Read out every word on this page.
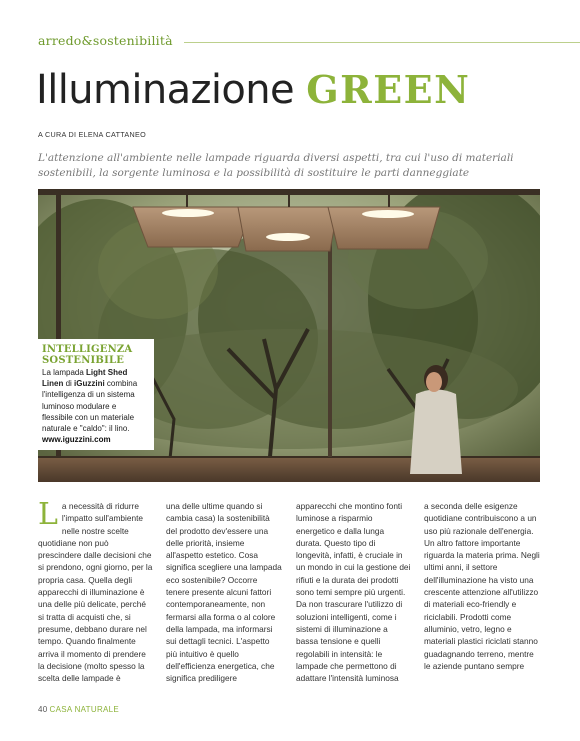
arredo&sostenibilità
Illuminazione GREEN
A CURA DI ELENA CATTANEO
L'attenzione all'ambiente nelle lampade riguarda diversi aspetti, tra cui l'uso di materiali sostenibili, la sorgente luminosa e la possibilità di sostituire le parti danneggiate
INTELLIGENZA
SOSTENIBILE
La lampada Light Shed Linen di iGuzzini combina l'intelligenza di un sistema luminoso modulare e flessibile con un materiale naturale e "caldo": il lino.
www.iguzzini.com
L a necessità di ridurre l'impatto sull'ambiente nelle nostre scelte quotidiane non può prescindere dalle decisioni che si prendono, ogni giorno, per la propria casa. Quella degli apparecchi di illuminazione è una delle più delicate, perché si tratta di acquisti che, si presume, debbano durare nel tempo. Quando finalmente arriva il momento di prendere la decisione (molto spesso la scelta delle lampade è

una delle ultime quando si cambia casa) la sostenibilità del prodotto dev'essere una delle priorità, insieme all'aspetto estetico. Cosa significa scegliere una lampada eco sostenibile? Occorre tenere presente alcuni fattori contemporaneamente, non fermarsi alla forma o al colore della lampada, ma informarsi sui dettagli tecnici. L'aspetto più intuitivo è quello dell'efficienza energetica, che significa prediligere

apparecchi che montino fonti luminose a risparmio energetico e dalla lunga durata. Questo tipo di longevità, infatti, è cruciale in un mondo in cui la gestione dei rifiuti e la durata dei prodotti sono temi sempre più urgenti. Da non trascurare l'utilizzo di soluzioni intelligenti, come i sistemi di illuminazione a bassa tensione e quelli regolabili in intensità: le lampade che permettono di adattare l'intensità luminosa

a seconda delle esigenze quotidiane contribuiscono a un uso più razionale dell'energia.

Un altro fattore importante riguarda la materia prima. Negli ultimi anni, il settore dell'illuminazione ha visto una crescente attenzione all'utilizzo di materiali eco-friendly e riciclabili. Prodotti come alluminio, vetro, legno e materiali plastici riciclati stanno guadagnando terreno, mentre le aziende puntano sempre

40 CASA NATURALE
